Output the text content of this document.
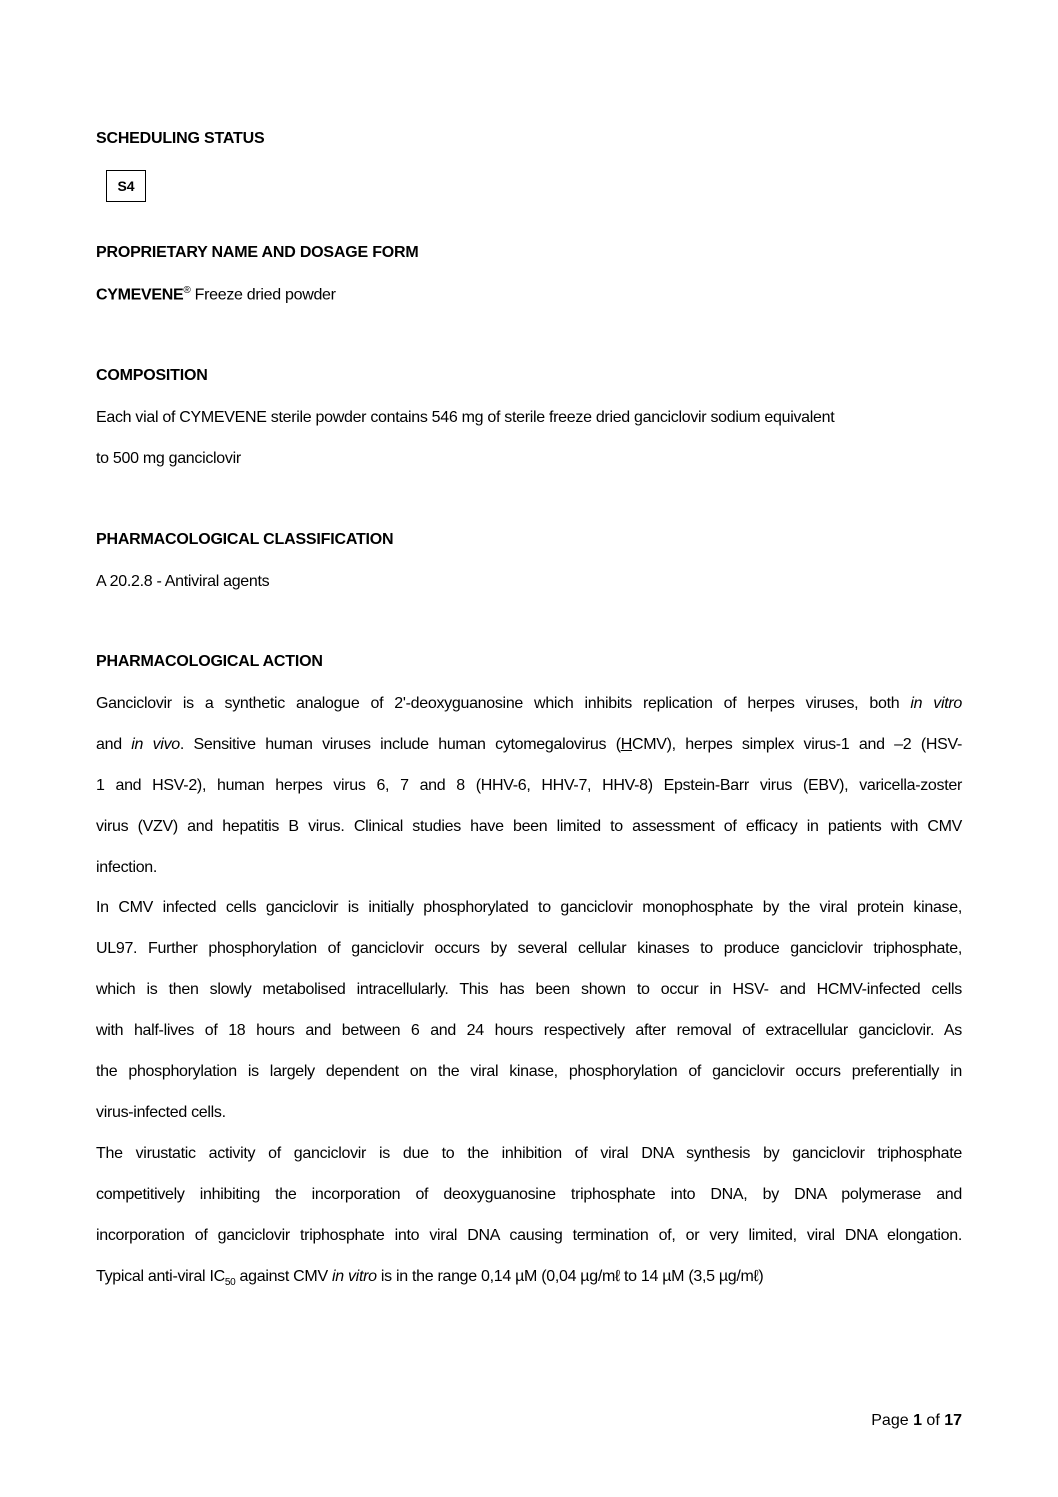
SCHEDULING STATUS
S4
PROPRIETARY NAME AND DOSAGE FORM
CYMEVENE® Freeze dried powder
COMPOSITION
Each vial of CYMEVENE sterile powder contains 546 mg of sterile freeze dried ganciclovir sodium equivalent
to 500 mg ganciclovir
PHARMACOLOGICAL CLASSIFICATION
A 20.2.8 - Antiviral agents
PHARMACOLOGICAL ACTION
Ganciclovir is a synthetic analogue of 2'-deoxyguanosine which inhibits replication of herpes viruses, both in vitro
and in vivo. Sensitive human viruses include human cytomegalovirus (HCMV), herpes simplex virus-1 and –2 (HSV-
1 and HSV-2), human herpes virus 6, 7 and 8 (HHV-6, HHV-7, HHV-8) Epstein-Barr virus (EBV), varicella-zoster
virus (VZV) and hepatitis B virus. Clinical studies have been limited to assessment of efficacy in patients with CMV
infection.
In CMV infected cells ganciclovir is initially phosphorylated to ganciclovir monophosphate by the viral protein kinase,
UL97. Further phosphorylation of ganciclovir occurs by several cellular kinases to produce ganciclovir triphosphate,
which is then slowly metabolised intracellularly. This has been shown to occur in HSV- and HCMV-infected cells
with half-lives of 18 hours and between 6 and 24 hours respectively after removal of extracellular ganciclovir. As
the phosphorylation is largely dependent on the viral kinase, phosphorylation of ganciclovir occurs preferentially in
virus-infected cells.
The virustatic activity of ganciclovir is due to the inhibition of viral DNA synthesis by ganciclovir triphosphate
competitively inhibiting the incorporation of deoxyguanosine triphosphate into DNA, by DNA polymerase and
incorporation of ganciclovir triphosphate into viral DNA causing termination of, or very limited, viral DNA elongation.
Typical anti-viral $IC_{50}$ against CMV in vitro is in the range 0,14 µM (0,04 µg/mℓ to 14 µM (3,5 µg/mℓ)
Page 1 of 17
